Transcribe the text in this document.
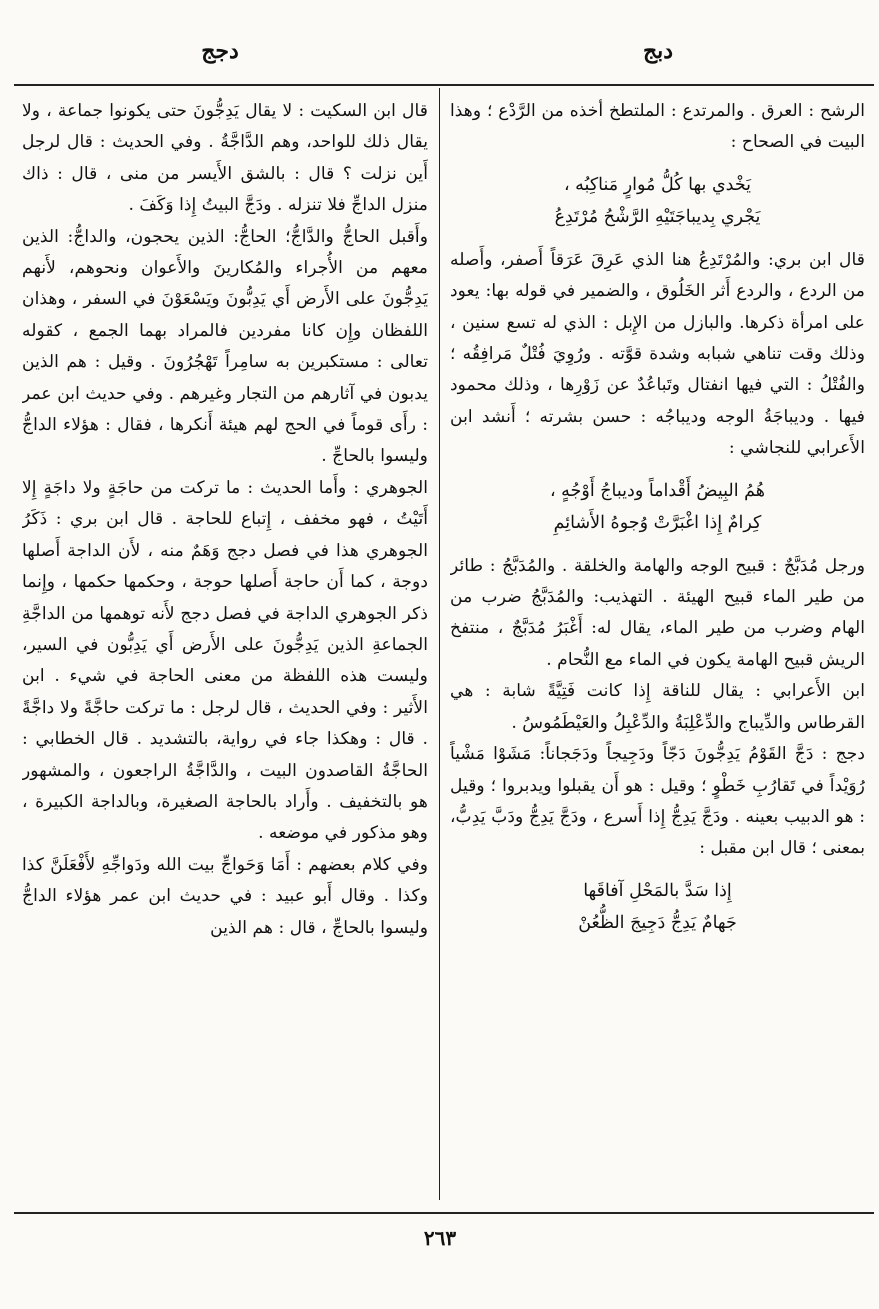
دبج
دجج

الرشح : العرق . والمرتدع : الملتطخ أخذه من الرَّدْع ؛ وهذا البيت في الصحاح :

يَخْدي بها كُلُّ مُوارٍ مَناكِبُه ،
يَجْري بِديباجَتَيْهِ الرَّشْحُ مُرْتَدِعُ

قال ابن بري: والمُرْتَدِعُ هنا الذي عَرِقَ عَرَقاً أَصفر، وأَصله من الردع ، والردع أَثر الخَلُوق ، والضمير في قوله بها: يعود على امرأة ذكرها. والبازل من الإِبل : الذي له تسع سنين ، وذلك وقت تناهي شبابه وشدة قوَّته . ورُوِيَ فُتْلٌ مَرافِقُه ؛ والفُتْلُ : التي فيها انفتال وتَباعُدٌ عن زَوْرِها ، وذلك محمود فيها . وديباجَةُ الوجه وديباجُه : حسن بشرته ؛ أَنشد ابن الأَعرابي للنجاشي :

هُمُ البِيضُ أَقْداماً وديباجُ أَوْجُهٍ ،
كِرامٌ إِذا اغْبَرَّتْ وُجوهُ الأَشائِمِ

ورجل مُدَبَّجٌ : قبيح الوجه والهامة والخلقة . والمُدَبَّجُ : طائر من طير الماء قبيح الهيئة . التهذيب: والمُدَبَّجُ ضرب من الهام وضرب من طير الماء، يقال له: أَغْبَرُ مُدَبَّجٌ ، منتفخ الريش قبيح الهامة يكون في الماء مع النُّحام .

ابن الأَعرابي : يقال للناقة إِذا كانت فَتِيَّةً شابة : هي القرطاس والدِّيباج والدِّعْلِبَةُ والدِّعْبِلُ والعَيْطَمُوسُ .

دجج : دَجَّ القَوْمُ يَدِجُّونَ دَجّاً ودَجِيجاً ودَجَجاناً: مَشَوْا مَشْياً رُوَيْداً في تَقارُبِ خَطْوٍ ؛ وقيل : هو أَن يقبلوا ويدبروا ؛ وقيل : هو الدبيب بعينه . ودَجَّ يَدِجُّ إِذا أَسرع ، ودَجَّ يَدِجُّ ودَبَّ يَدِبُّ، بمعنى ؛ قال ابن مقبل :

إِذا سَدَّ بالمَحْلِ آفاقَها
جَهامٌ يَدِجُّ دَجِيجَ الظُّعُنْ

قال ابن السكيت : لا يقال يَدِجُّونَ حتى يكونوا جماعة ، ولا يقال ذلك للواحد، وهم الدَّاجَّةُ . وفي الحديث : قال لرجل أَين نزلت ؟ قال : بالشق الأَيسر من منى ، قال : ذاك منزل الداجِّ فلا تنزله . ودَجَّ البيتُ إِذا وَكَفَ .

وأَقبل الحاجُّ والدَّاجُّ؛ الحاجُّ: الذين يحجون، والداجُّ: الذين معهم من الأُجراء والمُكارينَ والأَعوان ونحوهم، لأَنهم يَدِجُّونَ على الأَرض أَي يَدِبُّونَ ويَسْعَوْنَ في السفر ، وهذان اللفظان وإِن كانا مفردين فالمراد بهما الجمع ، كقوله تعالى : مستكبرين به سامِراً تَهْجُرُونَ . وقيل : هم الذين يدبون في آثارهم من التجار وغيرهم . وفي حديث ابن عمر : رأَى قوماً في الحج لهم هيئة أَنكرها ، فقال : هؤلاء الداجُّ وليسوا بالحاجِّ .

الجوهري : وأَما الحديث : ما تركت من حاجَةٍ ولا داجَةٍ إِلا أَتَيْتُ ، فهو مخفف ، إِتباع للحاجة . قال ابن بري : ذَكَرُ الجوهري هذا في فصل دجج وَهَمٌ منه ، لأَن الداجة أَصلها دوجة ، كما أَن حاجة أَصلها حوجة ، وحكمها حكمها ، وإِنما ذكر الجوهري الداجة في فصل دجج لأَنه توهمها من الداجَّةِ الجماعةِ الذين يَدِجُّونَ على الأَرض أَي يَدِبُّون في السير، وليست هذه اللفظة من معنى الحاجة في شيء . ابن الأَثير : وفي الحديث ، قال لرجل : ما تركت حاجَّةً ولا داجَّةً . قال : وهكذا جاء في رواية، بالتشديد . قال الخطابي : الحاجَّةُ القاصدون البيت ، والدَّاجَّةُ الراجعون ، والمشهور هو بالتخفيف . وأَراد بالحاجة الصغيرة، وبالداجة الكبيرة ، وهو مذكور في موضعه .

وفي كلام بعضهم : أَمَا وَحَواجِّ بيت الله ودَواجِّهِ لأَفْعَلَنَّ كذا وكذا . وقال أَبو عبيد : في حديث ابن عمر هؤلاء الداجُّ وليسوا بالحاجِّ ، قال : هم الذين

٢٦٣
